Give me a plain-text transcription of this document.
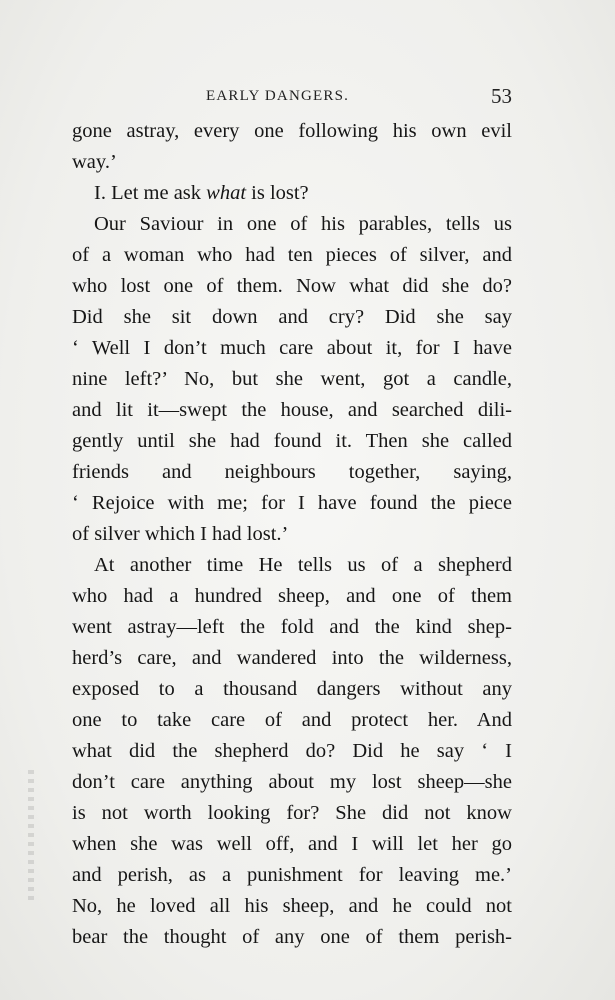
EARLY DANGERS.	53
gone astray, every one following his own evil
way.’
I. Let me ask what is lost?
Our Saviour in one of his parables, tells us
of a woman who had ten pieces of silver, and
who lost one of them. Now what did she do?
Did she sit down and cry? Did she say
‘ Well I don’t much care about it, for I have
nine left?’ No, but she went, got a candle,
and lit it—swept the house, and searched dili-
gently until she had found it. Then she called
friends and neighbours together, saying,
‘ Rejoice with me; for I have found the piece
of silver which I had lost.’
At another time He tells us of a shepherd
who had a hundred sheep, and one of them
went astray—left the fold and the kind shep-
herd’s care, and wandered into the wilderness,
exposed to a thousand dangers without any
one to take care of and protect her. And
what did the shepherd do? Did he say ‘ I
don’t care anything about my lost sheep—she
is not worth looking for? She did not know
when she was well off, and I will let her go
and perish, as a punishment for leaving me.’
No, he loved all his sheep, and he could not
bear the thought of any one of them perish-
